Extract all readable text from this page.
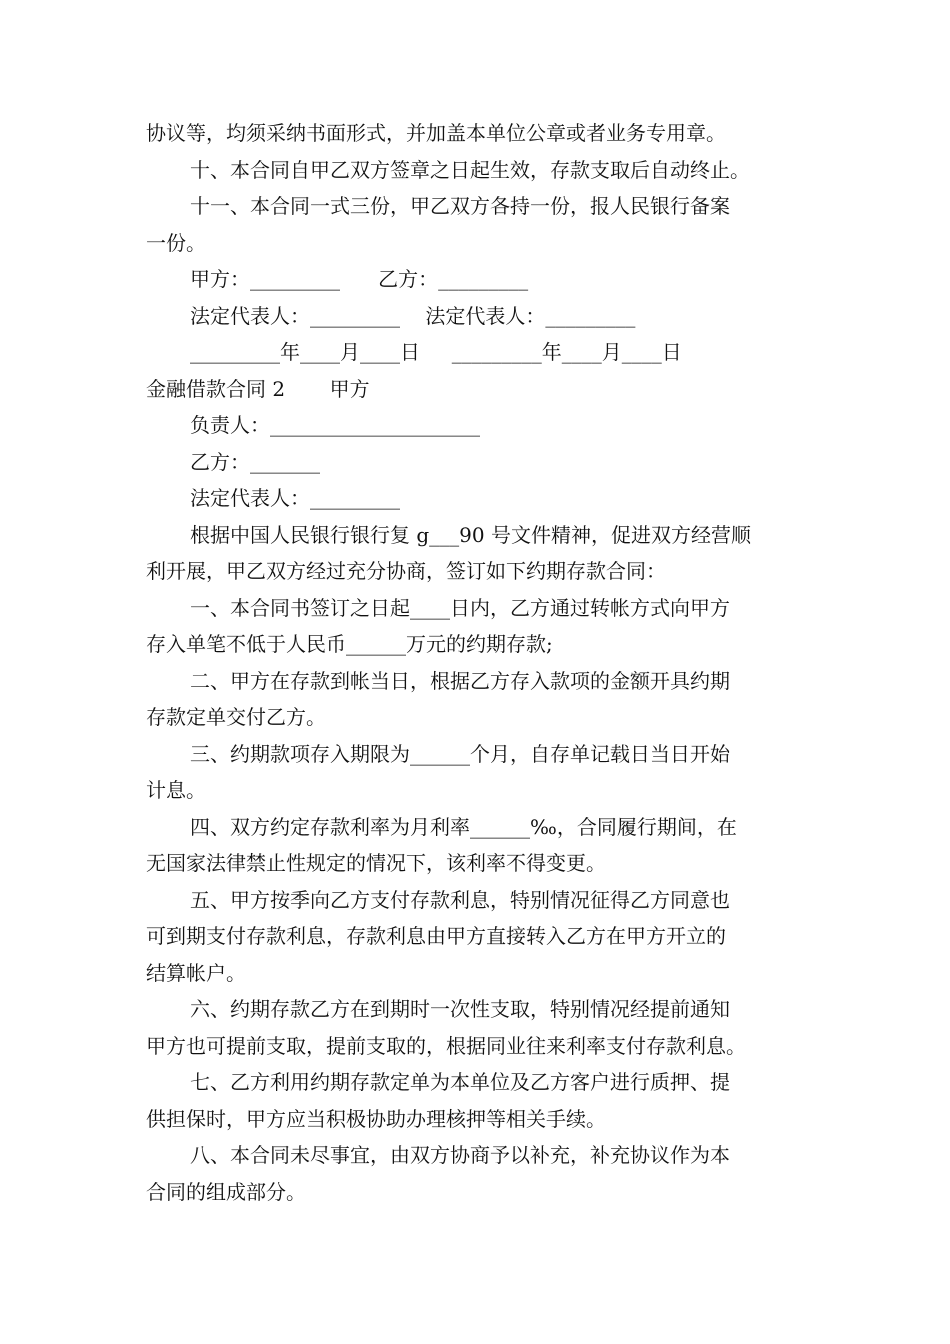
协议等，均须采纳书面形式，并加盖本单位公章或者业务专用章。
十、本合同自甲乙双方签章之日起生效，存款支取后自动终止。
十一、本合同一式三份，甲乙双方各持一份，报人民银行备案
一份。
甲方：_________      乙方：_________
法定代表人：_________    法定代表人：_________
_________年____月____日     _________年____月____日
金融借款合同 2       甲方
负责人：_____________________
乙方：_______
法定代表人：_________
根据中国人民银行银行复 g___90 号文件精神，促进双方经营顺
利开展，甲乙双方经过充分协商，签订如下约期存款合同：
一、本合同书签订之日起____日内，乙方通过转帐方式向甲方
存入单笔不低于人民币______万元的约期存款;
二、甲方在存款到帐当日，根据乙方存入款项的金额开具约期
存款定单交付乙方。
三、约期款项存入期限为______个月，自存单记载日当日开始
计息。
四、双方约定存款利率为月利率______‰，合同履行期间，在
无国家法律禁止性规定的情况下，该利率不得变更。
五、甲方按季向乙方支付存款利息，特别情况征得乙方同意也
可到期支付存款利息，存款利息由甲方直接转入乙方在甲方开立的
结算帐户。
六、约期存款乙方在到期时一次性支取，特别情况经提前通知
甲方也可提前支取，提前支取的，根据同业往来利率支付存款利息。
七、乙方利用约期存款定单为本单位及乙方客户进行质押、提
供担保时，甲方应当积极协助办理核押等相关手续。
八、本合同未尽事宜，由双方协商予以补充，补充协议作为本
合同的组成部分。
